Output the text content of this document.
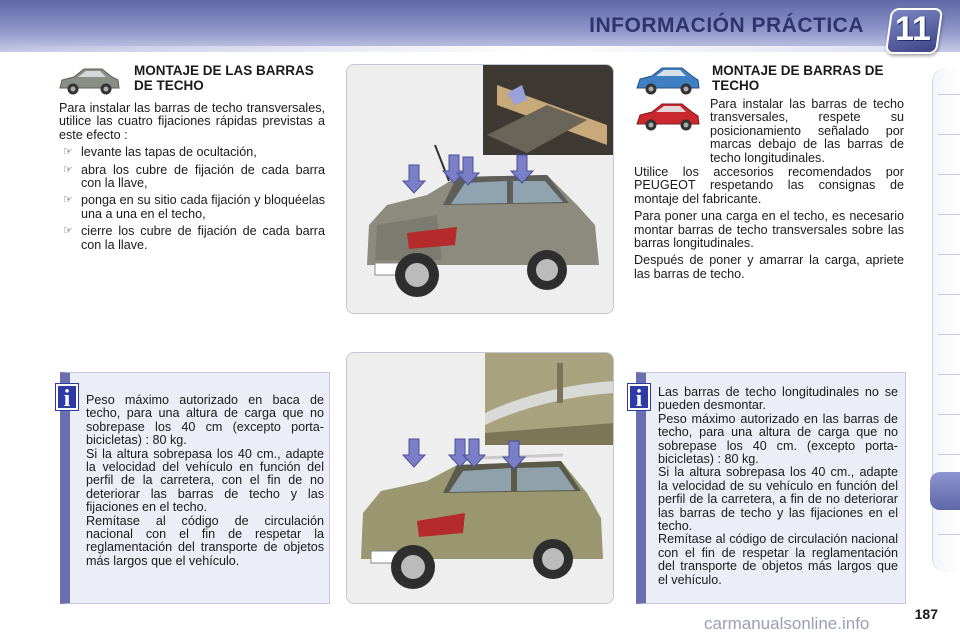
INFORMACIÓN PRÁCTICA 11
MONTAJE DE LAS BARRAS DE TECHO
Para instalar las barras de techo transversales, utilice las cuatro fijaciones rápidas previstas a este efecto :
☞ levante las tapas de ocultación,
☞ abra los cubre de fijación de cada barra con la llave,
☞ ponga en su sitio cada fijación y bloquéelas una a una en el techo,
☞ cierre los cubre de fijación de cada barra con la llave.
MONTAJE DE BARRAS DE TECHO
Para instalar las barras de techo transversales, respete su posicionamiento señalado por marcas debajo de las barras de techo longitudinales.

Utilice los accesorios recomendados por PEUGEOT respetando las consignas de montaje del fabricante.

Para poner una carga en el techo, es necesario montar barras de techo transversales sobre las barras longitudinales.

Después de poner y amarrar la carga, apriete las barras de techo.

i	Peso máximo autorizado en baca de techo, para una altura de carga que no sobrepase los 40 cm (excepto porta-bicicletas) : 80 kg.

Si la altura sobrepasa los 40 cm., adapte la velocidad del vehículo en función del perfil de la carretera, con el fin de no deteriorar las barras de techo y las fijaciones en el techo.

Remítase al código de circulación nacional con el fin de respetar la reglamentación del transporte de objetos más largos que el vehículo.

i	Las barras de techo longitudinales no se pueden desmontar.

Peso máximo autorizado en las barras de techo, para una altura de carga que no sobrepase los 40 cm. (excepto porta-bicicletas) : 80 kg.

Si la altura sobrepasa los 40 cm., adapte la velocidad de su vehículo en función del perfil de la carretera, a fin de no deteriorar las barras de techo y las fijaciones en el techo.

Remítase al código de circulación nacional con el fin de respetar la reglamentación del transporte de objetos más largos que el vehículo.

187
carmanualsonline.info
